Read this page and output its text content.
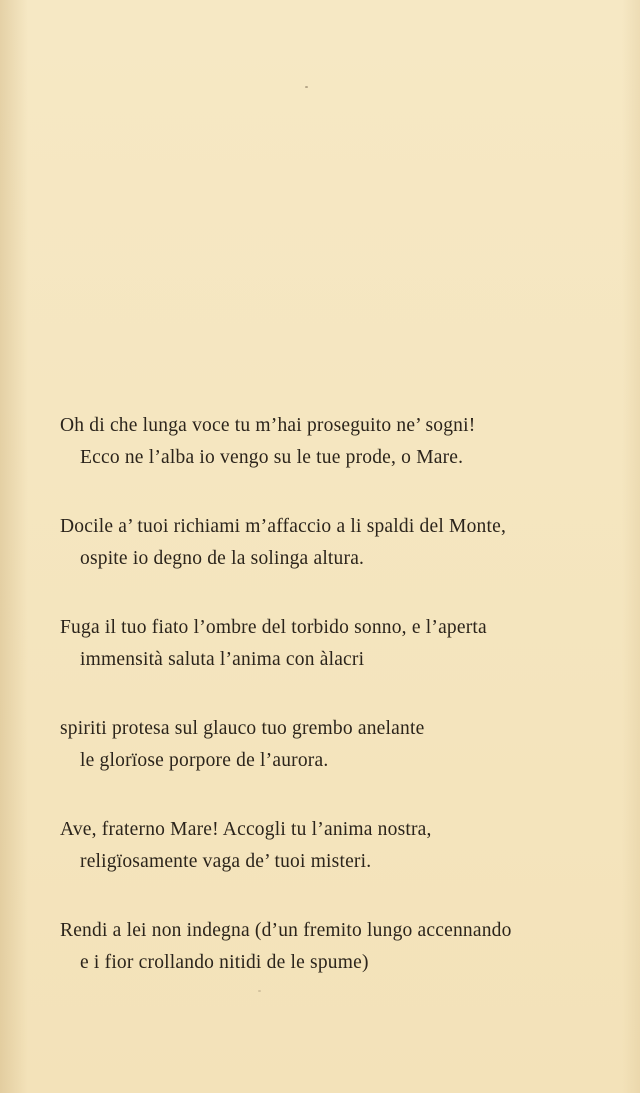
Oh di che lunga voce tu m’hai proseguito ne’ sogni!
Ecco ne l’alba io vengo su le tue prode, o Mare.
Docile a’ tuoi richiami m’affaccio a li spaldi del Monte,
ospite io degno de la solinga altura.
Fuga il tuo fiato l’ombre del torbido sonno, e l’aperta
immensità saluta l’anima con àlacri
spiriti protesa sul glauco tuo grembo anelante
le glorïose porpore de l’aurora.
Ave, fraterno Mare! Accogli tu l’anima nostra,
religïosamente vaga de’ tuoi misteri.
Rendi a lei non indegna (d’un fremito lungo accennando
e i fior crollando nitidi de le spume)
